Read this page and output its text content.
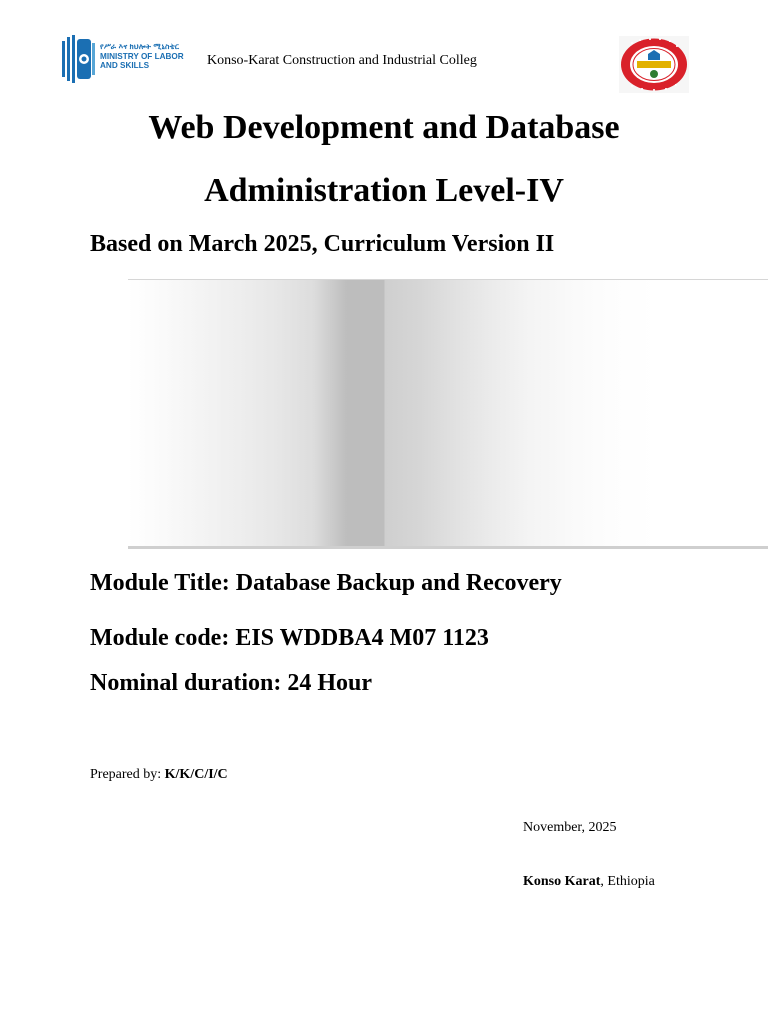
የሥራ እና ክህሎት ሚኒስቴር
MINISTRY OF LABOR
AND SKILLS	Konso-Karat Construction and Industrial Colleg
Web Development and Database
Administration Level-IV
Based on March 2025, Curriculum Version II
Module Title: Database Backup and Recovery
Module code: EIS WDDBA4 M07 1123
Nominal duration: 24 Hour
Prepared by: K/K/C/I/C
November, 2025
Konso Karat, Ethiopia
